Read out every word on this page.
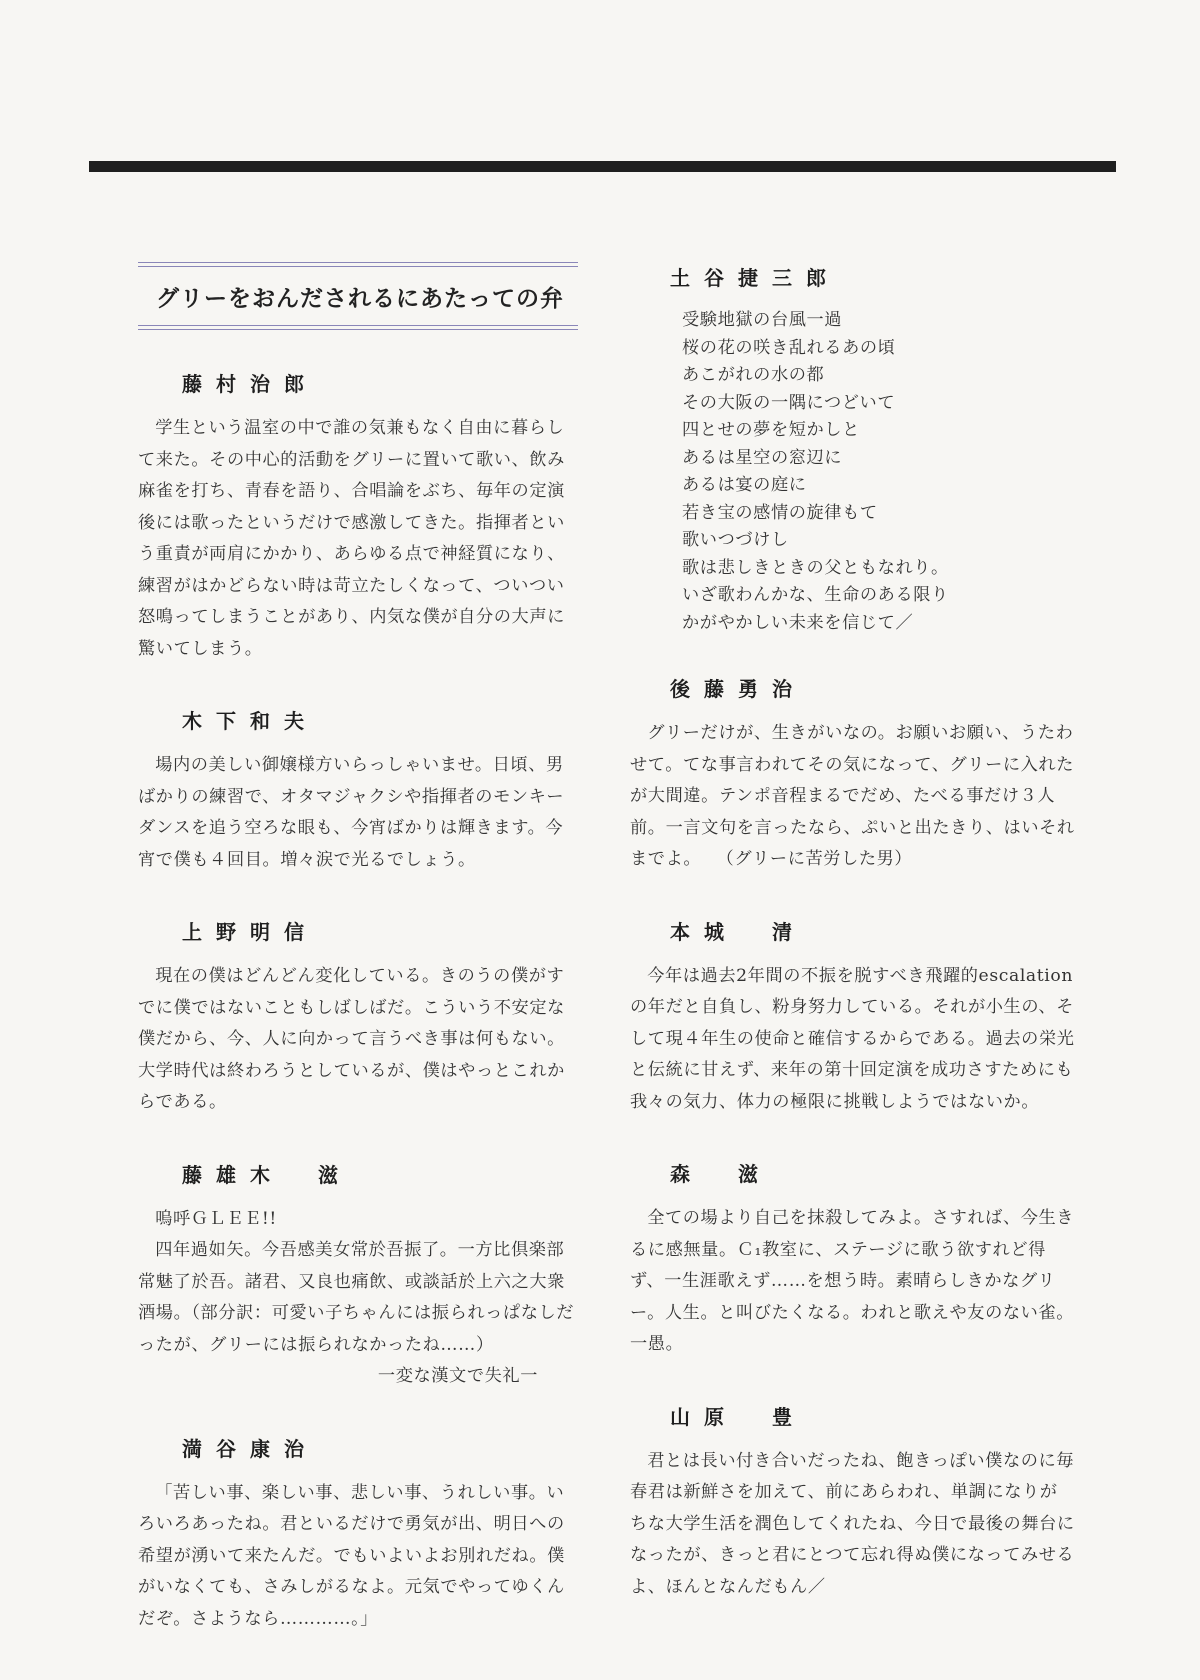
グリーをおんだされるにあたっての弁
藤村治郎

学生という温室の中で誰の気兼もなく自由に暮らして来た。その中心的活動をグリーに置いて歌い、飲み麻雀を打ち、青春を語り、合唱論をぶち、毎年の定演後には歌ったというだけで感激してきた。指揮者という重責が両肩にかかり、あらゆる点で神経質になり、練習がはかどらない時は苛立たしくなって、ついつい怒鳴ってしまうことがあり、内気な僕が自分の大声に驚いてしまう。

木下和夫

場内の美しい御嬢様方いらっしゃいませ。日頃、男ばかりの練習で、オタマジャクシや指揮者のモンキーダンスを追う空ろな眼も、今宵ばかりは輝きます。今宵で僕も４回目。増々涙で光るでしょう。

上野明信

現在の僕はどんどん変化している。きのうの僕がすでに僕ではないこともしばしばだ。こういう不安定な僕だから、今、人に向かって言うべき事は何もない。大学時代は終わろうとしているが、僕はやっとこれからである。

藤雄木　滋

嗚呼ＧＬＥＥ!!

四年過如矢。今吾感美女常於吾振了。一方比倶楽部常魅了於吾。諸君、又良也痛飲、或談話於上六之大衆酒場。（部分訳：可愛い子ちゃんには振られっぱなしだったが、グリーには振られなかったね……）

一変な漢文で失礼一

満谷康治

「苦しい事、楽しい事、悲しい事、うれしい事。いろいろあったね。君といるだけで勇気が出、明日への希望が湧いて来たんだ。でもいよいよお別れだね。僕がいなくても、さみしがるなよ。元気でやってゆくんだぞ。さようなら…………。」

土谷捷三郎
受験地獄の台風一過
桜の花の咲き乱れるあの頃
あこがれの水の都
その大阪の一隅につどいて
四とせの夢を短かしと
あるは星空の窓辺に
あるは宴の庭に
若き宝の感情の旋律もて
歌いつづけし
歌は悲しきときの父ともなれり。
いざ歌わんかな、生命のある限り
かがやかしい未来を信じて／
後藤勇治

グリーだけが、生きがいなの。お願いお願い、うたわせて。てな事言われてその気になって、グリーに入れたが大間違。テンポ音程まるでだめ、たべる事だけ３人前。一言文句を言ったなら、ぷいと出たきり、はいそれまでよ。 （グリーに苦労した男）

本城　清

今年は過去2年間の不振を脱すべき飛躍的escalationの年だと自負し、粉身努力している。それが小生の、そして現４年生の使命と確信するからである。過去の栄光と伝統に甘えず、来年の第十回定演を成功さすためにも我々の気力、体力の極限に挑戦しようではないか。

森　滋

全ての場より自己を抹殺してみよ。さすれば、今生きるに感無量。Ｃ₁教室に、ステージに歌う欲すれど得ず、一生涯歌えず……を想う時。素晴らしきかなグリー。人生。と叫びたくなる。われと歌えや友のない雀。一愚。

山原　豊

君とは長い付き合いだったね、飽きっぽい僕なのに毎春君は新鮮さを加えて、前にあらわれ、単調になりがちな大学生活を潤色してくれたね、今日で最後の舞台になったが、きっと君にとつて忘れ得ぬ僕になってみせるよ、ほんとなんだもん／
